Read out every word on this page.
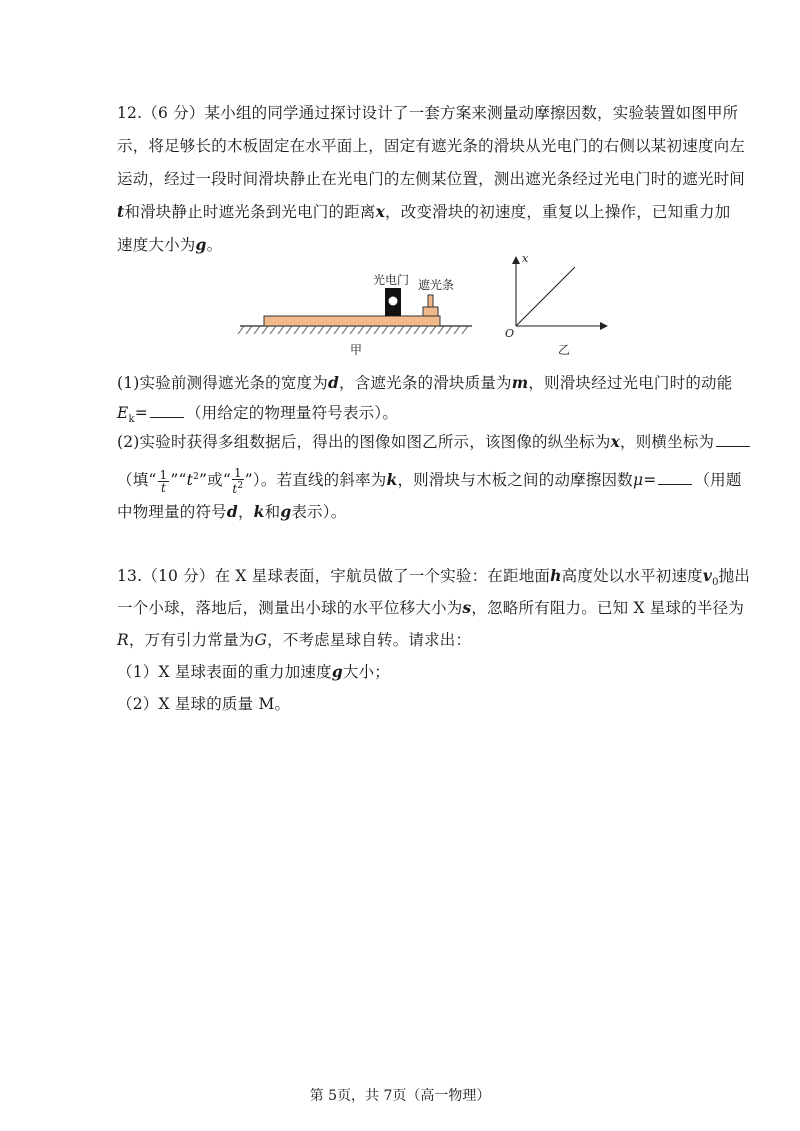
12.（6 分）某小组的同学通过探讨设计了一套方案来测量动摩擦因数，实验装置如图甲所
示，将足够长的木板固定在水平面上，固定有遮光条的滑块从光电门的右侧以某初速度向左
运动，经过一段时间滑块静止在光电门的左侧某位置，测出遮光条经过光电门时的遮光时间
t和滑块静止时遮光条到光电门的距离x，改变滑块的初速度，重复以上操作，已知重力加
速度大小为g。
光电门 遮光条
甲
x
O
乙
(1)实验前测得遮光条的宽度为d，含遮光条的滑块质量为m，则滑块经过光电门时的动能
$E_k=$ （用给定的物理量符号表示）。
(2)实验时获得多组数据后，得出的图像如图乙所示，该图像的纵坐标为x，则横坐标为
（填“ $\frac{1}{t}$ $”“t^2$”或“ $\frac{1}{t^2}$ ”）。若直线的斜率为k，则滑块与木板之间的动摩擦因数μ= （用题
中物理量的符号d，k和g表示）。
13.（10 分）在 X 星球表面，宇航员做了一个实验：在距地面h高度处以水平初速度$v_0$抛出
一个小球，落地后，测量出小球的水平位移大小为s，忽略所有阻力。已知 X 星球的半径为
R，万有引力常量为G，不考虑星球自转。请求出：
（1）X 星球表面的重力加速度g大小；
（2）X 星球的质量 M。
第 5页，共 7页（高一物理）
